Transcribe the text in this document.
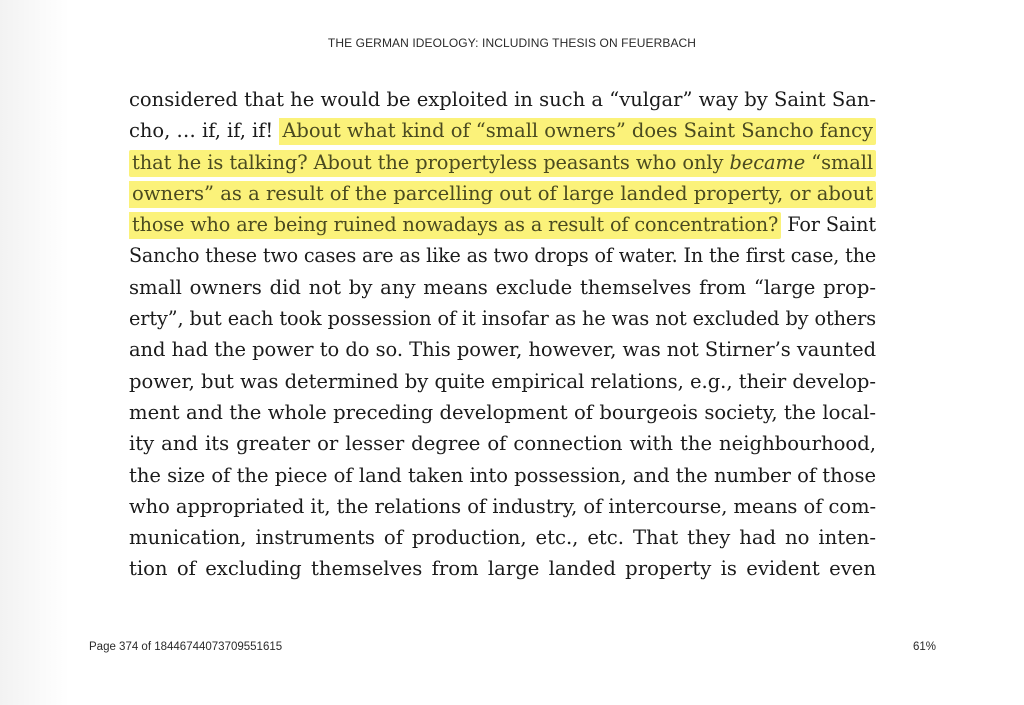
THE GERMAN IDEOLOGY: INCLUDING THESIS ON FEUERBACH
considered that he would be exploited in such a “vulgar” way by Saint San-
cho, … if, if, if! About what kind of “small owners” does Saint Sancho fancy
that he is talking? About the propertyless peasants who only became “small
owners” as a result of the parcelling out of large landed property, or about
those who are being ruined nowadays as a result of concentration? For Saint
Sancho these two cases are as like as two drops of water. In the first case, the
small owners did not by any means exclude themselves from “large prop-
erty”, but each took possession of it insofar as he was not excluded by others
and had the power to do so. This power, however, was not Stirner’s vaunted
power, but was determined by quite empirical relations, e.g., their develop-
ment and the whole preceding development of bourgeois society, the local-
ity and its greater or lesser degree of connection with the neighbourhood,
the size of the piece of land taken into possession, and the number of those
who appropriated it, the relations of industry, of intercourse, means of com-
munication, instruments of production, etc., etc. That they had no inten-
tion of excluding themselves from large landed property is evident even
Page 374 of 18446744073709551615	61%
